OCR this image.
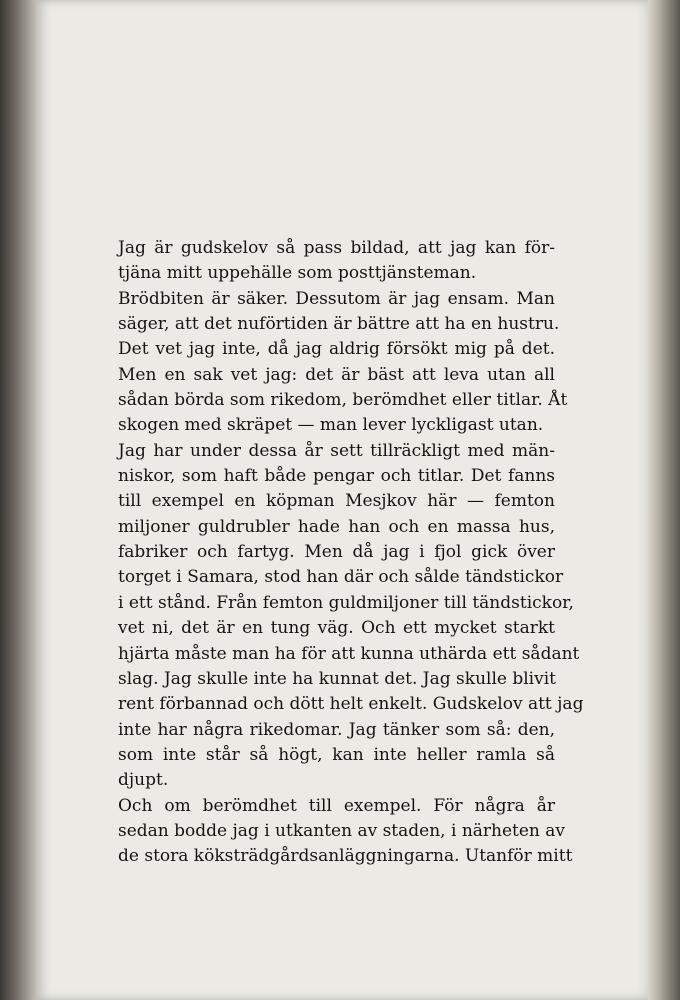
Jag är gudskelov så pass bildad, att jag kan för-
tjäna mitt uppehälle som posttjänsteman.
Brödbiten är säker. Dessutom är jag ensam. Man
säger, att det nuförtiden är bättre att ha en hustru.
Det vet jag inte, då jag aldrig försökt mig på det.
Men en sak vet jag: det är bäst att leva utan all
sådan börda som rikedom, berömdhet eller titlar. Åt
skogen med skräpet — man lever lyckligast utan.
Jag har under dessa år sett tillräckligt med män-
niskor, som haft både pengar och titlar. Det fanns
till exempel en köpman Mesjkov här — femton
miljoner guldrubler hade han och en massa hus,
fabriker och fartyg. Men då jag i fjol gick över
torget i Samara, stod han där och sålde tändstickor
i ett stånd. Från femton guldmiljoner till tändstickor,
vet ni, det är en tung väg. Och ett mycket starkt
hjärta måste man ha för att kunna uthärda ett sådant
slag. Jag skulle inte ha kunnat det. Jag skulle blivit
rent förbannad och dött helt enkelt. Gudskelov att jag
inte har några rikedomar. Jag tänker som så: den,
som inte står så högt, kan inte heller ramla så
djupt.
Och om berömdhet till exempel. För några år
sedan bodde jag i utkanten av staden, i närheten av
de stora köksträdgårdsanläggningarna. Utanför mitt
